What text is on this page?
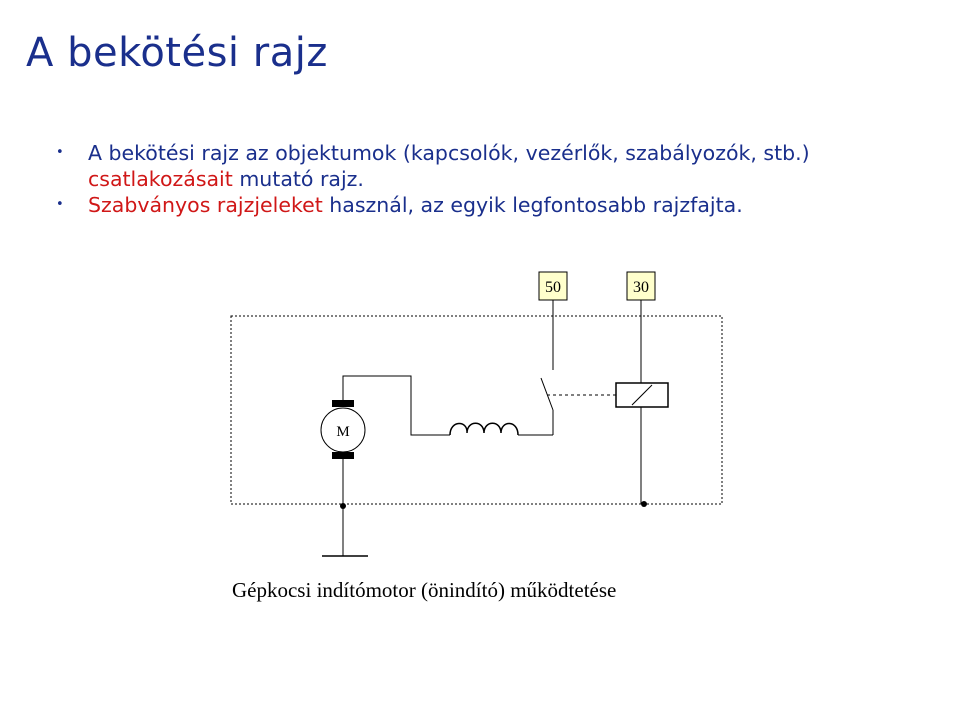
A bekötési rajz
• A bekötési rajz az objektumok (kapcsolók, vezérlők, szabályozók, stb.) csatlakozásait mutató rajz.
• Szabványos rajzjeleket használ, az egyik legfontosabb rajzfajta.
50	30
M
Gépkocsi indítómotor (önindító) működtetése
